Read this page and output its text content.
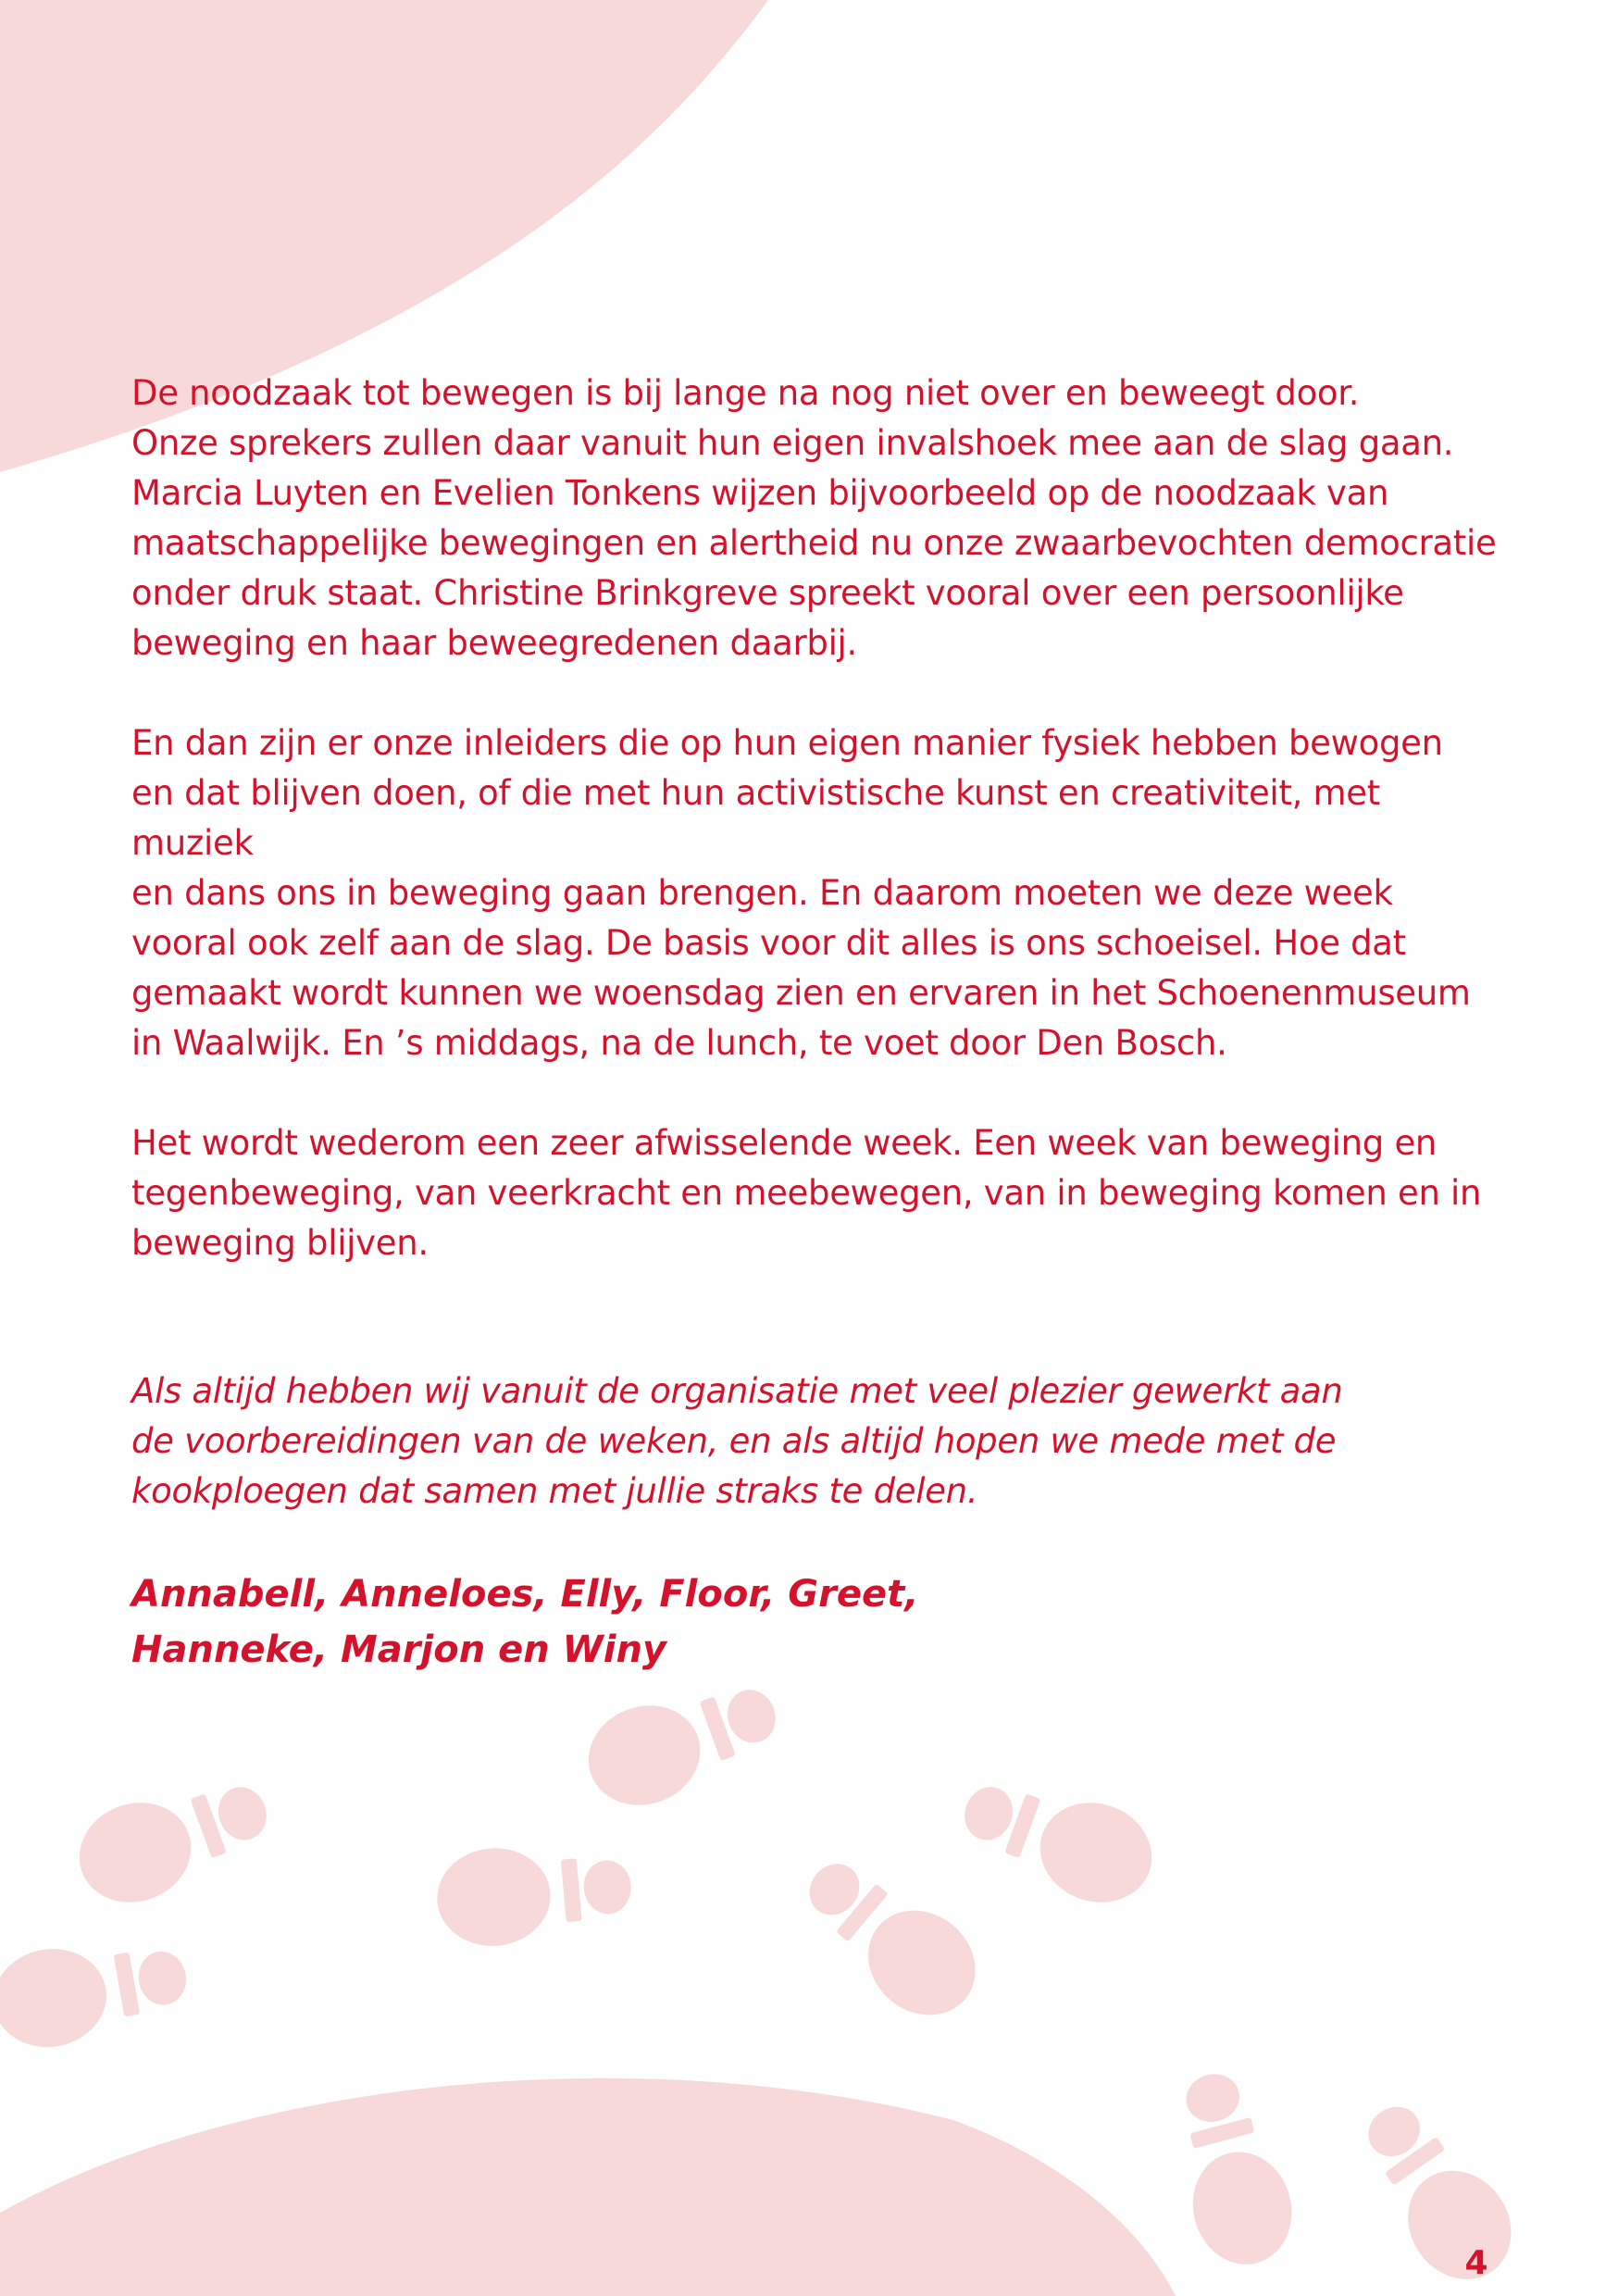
De noodzaak tot bewegen is bij lange na nog niet over en beweegt door.
Onze sprekers zullen daar vanuit hun eigen invalshoek mee aan de slag gaan.
Marcia Luyten en Evelien Tonkens wijzen bijvoorbeeld op de noodzaak van
maatschappelijke bewegingen en alertheid nu onze zwaarbevochten democratie
onder druk staat. Christine Brinkgreve spreekt vooral over een persoonlijke
beweging en haar beweegredenen daarbij.

En dan zijn er onze inleiders die op hun eigen manier fysiek hebben bewogen
en dat blijven doen, of die met hun activistische kunst en creativiteit, met muziek
en dans ons in beweging gaan brengen. En daarom moeten we deze week
vooral ook zelf aan de slag. De basis voor dit alles is ons schoeisel. Hoe dat
gemaakt wordt kunnen we woensdag zien en ervaren in het Schoenenmuseum
in Waalwijk. En ’s middags, na de lunch, te voet door Den Bosch.

Het wordt wederom een zeer afwisselende week. Een week van beweging en
tegenbeweging, van veerkracht en meebewegen, van in beweging komen en in
beweging blijven.

Als altijd hebben wij vanuit de organisatie met veel plezier gewerkt aan
de voorbereidingen van de weken, en als altijd hopen we mede met de
kookploegen dat samen met jullie straks te delen.

Annabell, Anneloes, Elly, Floor, Greet,
Hanneke, Marjon en Winy

4
